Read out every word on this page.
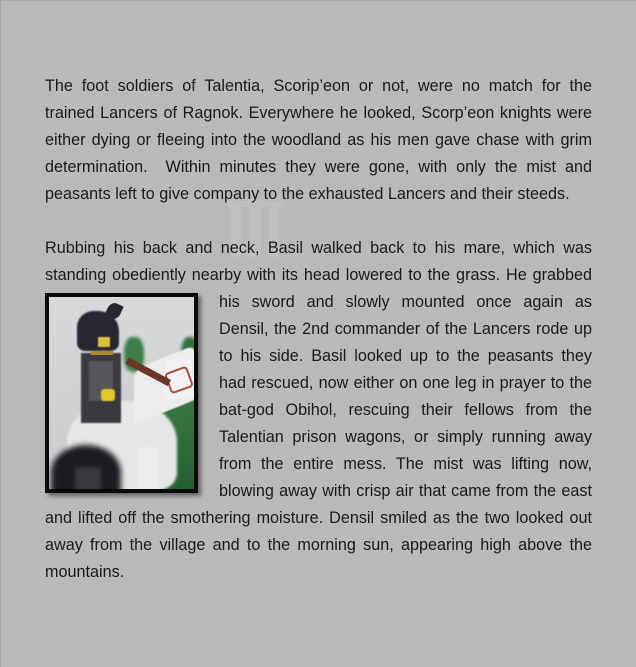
The foot soldiers of Talentia, Scorip’eon or not, were no match for the trained Lancers of Ragnok. Everywhere he looked, Scorp’eon knights were either dying or fleeing into the woodland as his men gave chase with grim determination.  Within minutes they were gone, with only the mist and peasants left to give company to the exhausted Lancers and their steeds.

Rubbing his back and neck, Basil walked back to his mare, which was standing obediently nearby with its head lowered to the grass. He grabbed
his sword and slowly mounted once again as Densil, the 2nd commander of the Lancers rode up to his side. Basil looked up to the peasants they had rescued, now either on one leg in prayer to the bat-god Obihol, rescuing their fellows from the Talentian prison wagons, or simply running away from the entire mess. The mist was lifting now, blowing away with crisp air that came from the east and lifted off the smothering moisture. Densil smiled as the two looked out away from the village and to the morning sun, appearing high above the mountains.
